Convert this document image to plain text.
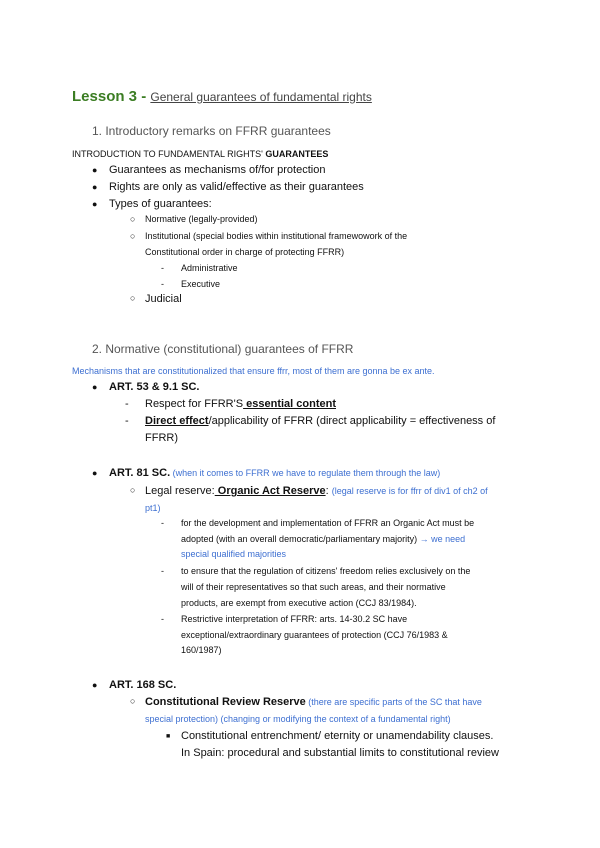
Lesson 3 - General guarantees of fundamental rights
1. Introductory remarks on FFRR guarantees
INTRODUCTION TO FUNDAMENTAL RIGHTS' GUARANTEES
● Guarantees as mechanisms of/for protection
● Rights are only as valid/effective as their guarantees
● Types of guarantees:
○ Normative (legally-provided)
○ Institutional (special bodies within institutional framewowork of the
Constitutional order in charge of protecting FFRR)
- Administrative
- Executive
○ Judicial
2. Normative (constitutional) guarantees of FFRR
Mechanisms that are constitutionalized that ensure ffrr, most of them are gonna be ex ante.
● ART. 53 & 9.1 SC.
- Respect for FFRR'S essential content
- Direct effect/applicability of FFRR (direct applicability = effectiveness of
FFRR)
● ART. 81 SC. (when it comes to FFRR we have to regulate them through the law)
○ Legal reserve: Organic Act Reserve: (legal reserve is for ffrr of div1 of ch2 of
pt1)
- for the development and implementation of FFRR an Organic Act must be
adopted (with an overall democratic/parliamentary majority) → we need
special qualified majorities
- to ensure that the regulation of citizens' freedom relies exclusively on the
will of their representatives so that such areas, and their normative
products, are exempt from executive action (CCJ 83/1984).
- Restrictive interpretation of FFRR: arts. 14-30.2 SC have
exceptional/extraordinary guarantees of protection (CCJ 76/1983 &
160/1987)
● ART. 168 SC.
○ Constitutional Review Reserve (there are specific parts of the SC that have
special protection) (changing or modifying the context of a fundamental right)
■ Constitutional entrenchment/ eternity or unamendability clauses.
In Spain: procedural and substantial limits to constitutional review
